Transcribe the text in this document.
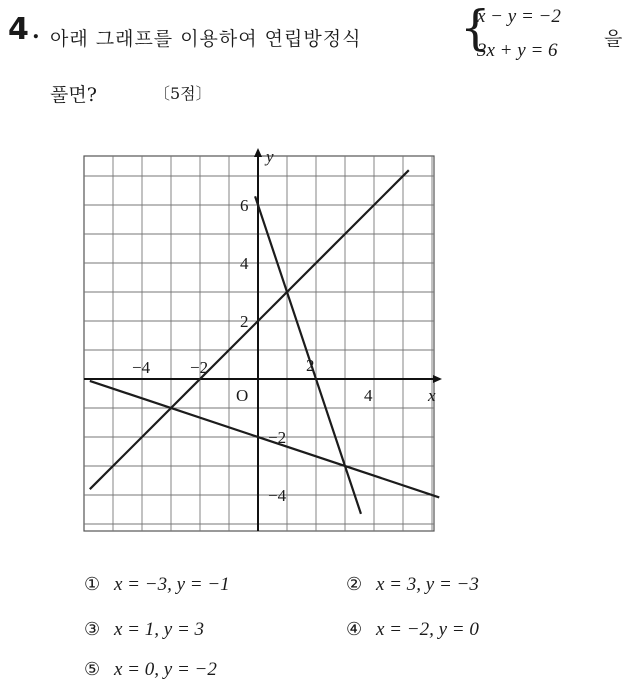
4 . 아래 그래프를 이용하여 연립방정식 {
x − y = −2
3x + y = 6
을
풀면?	〔5점〕
x
y
O
−4 −2	2
4
6
4
2
−2
−4
① x = −3, y = −1	② x = 3, y = −3
③ x = 1, y = 3	④ x = −2, y = 0
⑤ x = 0, y = −2
